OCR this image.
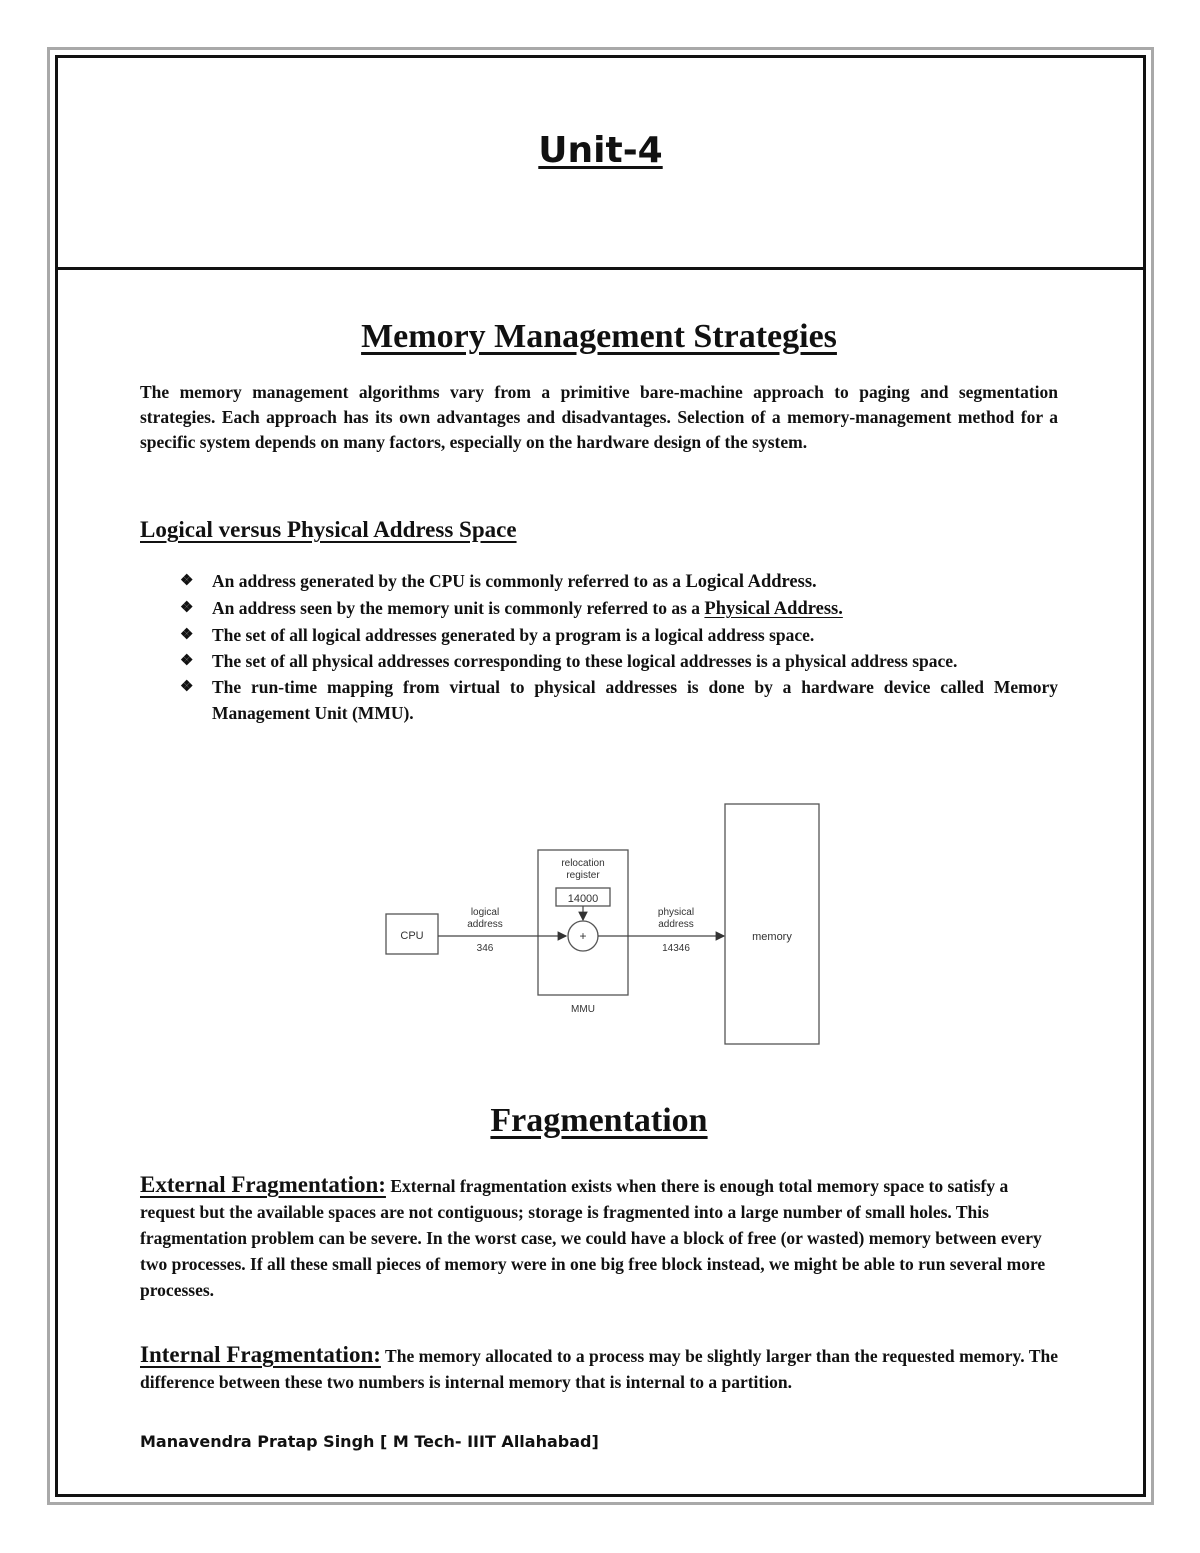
Unit-4
Memory Management Strategies

The memory management algorithms vary from a primitive bare-machine approach to paging and segmentation strategies. Each approach has its own advantages and disadvantages. Selection of a memory-management method for a specific system depends on many factors, especially on the hardware design of the system.

Logical versus Physical Address Space
❖ An address generated by the CPU is commonly referred to as a Logical Address.
❖ An address seen by the memory unit is commonly referred to as a Physical Address.
❖ The set of all logical addresses generated by a program is a logical address space.
❖ The set of all physical addresses corresponding to these logical addresses is a physical address space.
❖ The run-time mapping from virtual to physical addresses is done by a hardware device called Memory Management Unit (MMU).
CPU
relocation
register
14000
+
MMU
logical
address
346
physical
address
14346
memory
Fragmentation

External Fragmentation: External fragmentation exists when there is enough total memory space to satisfy a request but the available spaces are not contiguous; storage is fragmented into a large number of small holes. This fragmentation problem can be severe. In the worst case, we could have a block of free (or wasted) memory between every two processes. If all these small pieces of memory were in one big free block instead, we might be able to run several more processes.

Internal Fragmentation: The memory allocated to a process may be slightly larger than the requested memory. The difference between these two numbers is internal memory that is internal to a partition.

Manavendra Pratap Singh [ M Tech- IIIT Allahabad]
